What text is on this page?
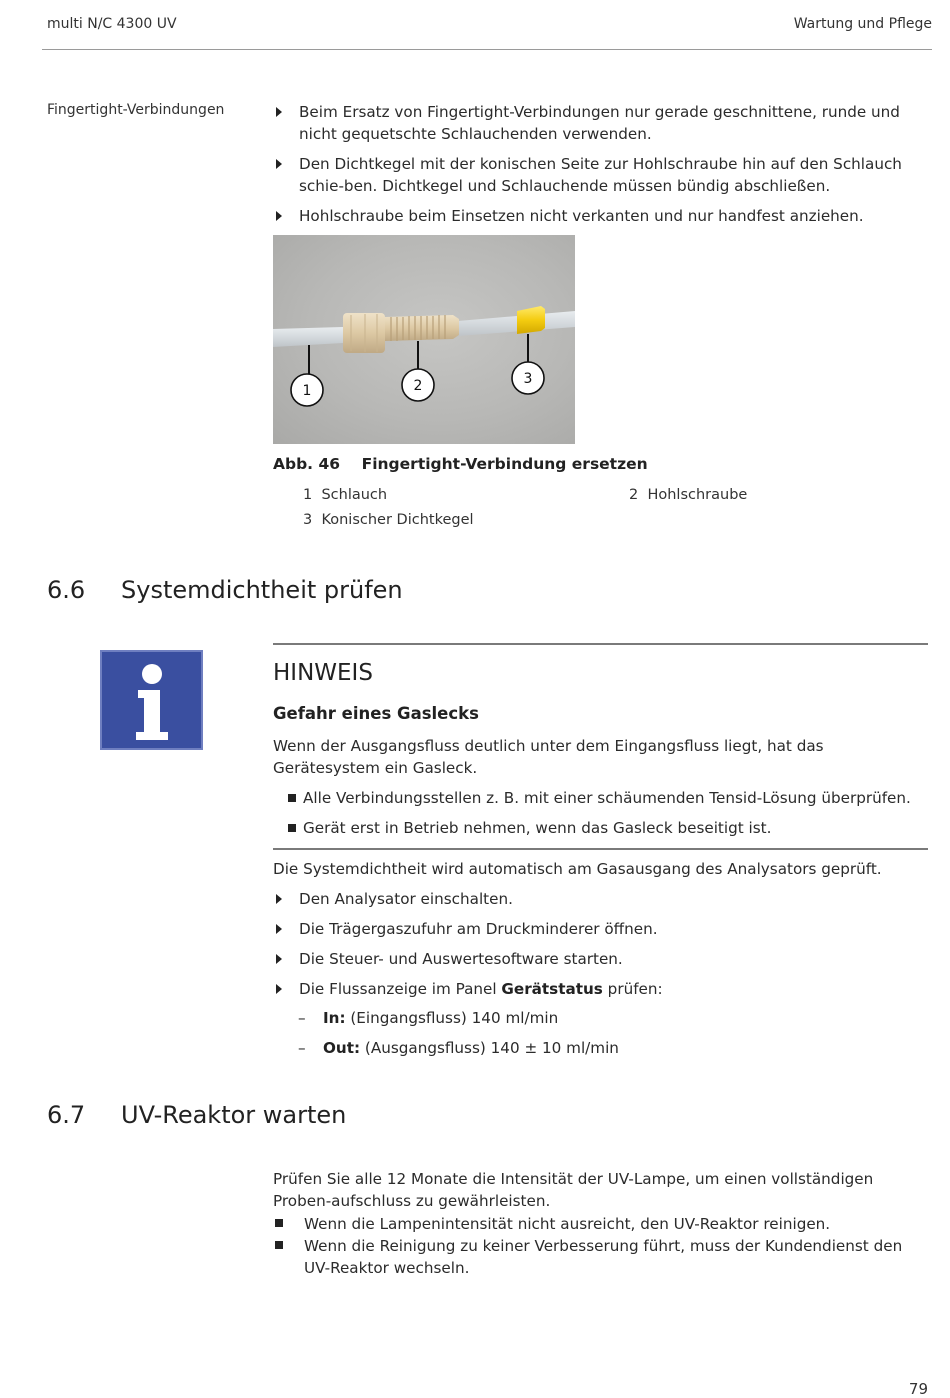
multi N/C 4300 UV	Wartung und Pflege
Fingertight-Verbindungen	Beim Ersatz von Fingertight-Verbindungen nur gerade geschnittene, runde und nicht gequetschte Schlauchenden verwenden.
Den Dichtkegel mit der konischen Seite zur Hohlschraube hin auf den Schlauch schie-ben. Dichtkegel und Schlauchende müssen bündig abschließen.
Hohlschraube beim Einsetzen nicht verkanten und nur handfest anziehen.
1	2	3
Abb. 46    Fingertight-Verbindung ersetzen
1 Schlauch	2 Hohlschraube
3 Konischer Dichtkegel
6.6 Systemdichtheit prüfen
HINWEIS
Gefahr eines Gaslecks
Wenn der Ausgangsfluss deutlich unter dem Eingangsfluss liegt, hat das Gerätesystem ein Gasleck.
Alle Verbindungsstellen z. B. mit einer schäumenden Tensid-Lösung überprüfen.
Gerät erst in Betrieb nehmen, wenn das Gasleck beseitigt ist.
Die Systemdichtheit wird automatisch am Gasausgang des Analysators geprüft.
Den Analysator einschalten.
Die Trägergaszufuhr am Druckminderer öffnen.
Die Steuer- und Auswertesoftware starten.
Die Flussanzeige im Panel Gerätstatus prüfen:
– In: (Eingangsfluss) 140 ml/min
– Out: (Ausgangsfluss) 140 ± 10 ml/min
6.7 UV-Reaktor warten
Prüfen Sie alle 12 Monate die Intensität der UV-Lampe, um einen vollständigen Proben-aufschluss zu gewährleisten.
Wenn die Lampenintensität nicht ausreicht, den UV-Reaktor reinigen.
Wenn die Reinigung zu keiner Verbesserung führt, muss der Kundendienst den UV-Reaktor wechseln.
79
